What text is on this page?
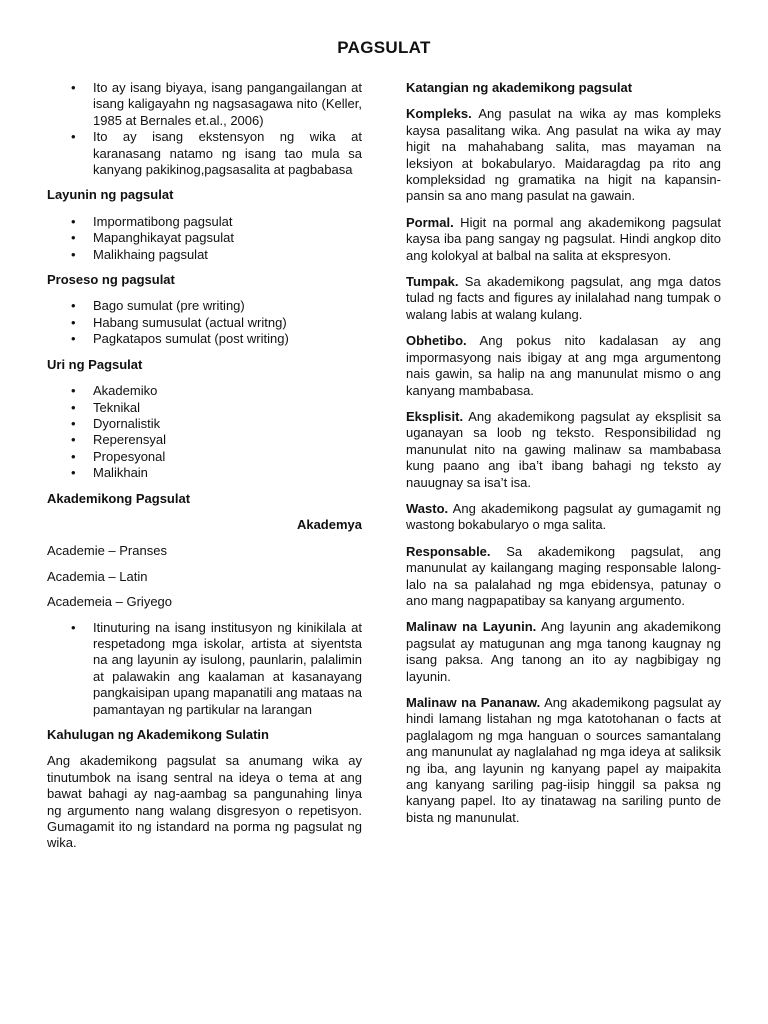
PAGSULAT
• Ito ay isang biyaya, isang pangangailangan at isang kaligayahn ng nagsasagawa nito (Keller, 1985 at Bernales et.al., 2006)
• Ito ay isang ekstensyon ng wika at karanasang natamo ng isang tao mula sa kanyang pakikinog,pagsasalita at pagbabasa
Layunin ng pagsulat
• Impormatibong pagsulat
• Mapanghikayat pagsulat
• Malikhaing pagsulat
Proseso ng pagsulat
• Bago sumulat (pre writing)
• Habang sumusulat (actual writng)
• Pagkatapos sumulat (post writing)
Uri ng Pagsulat
• Akademiko
• Teknikal
• Dyornalistik
• Reperensyal
• Propesyonal
• Malikhain
Akademikong Pagsulat
Akademya
Academie – Pranses
Academia – Latin
Academeia – Griyego
• Itinuturing na isang institusyon ng kinikilala at respetadong mga iskolar, artista at siyentsta na ang layunin ay isulong, paunlarin, palalimin at palawakin ang kaalaman at kasanayang pangkaisipan upang mapanatili ang mataas na pamantayan ng partikular na larangan
Kahulugan ng Akademikong Sulatin

Ang akademikong pagsulat sa anumang wika ay tinutumbok na isang sentral na ideya o tema at ang bawat bahagi ay nag-aambag sa pangunahing linya ng argumento nang walang disgresyon o repetisyon. Gumagamit ito ng istandard na porma ng pagsulat ng wika.

Katangian ng akademikong pagsulat

Kompleks. Ang pasulat na wika ay mas kompleks kaysa pasalitang wika. Ang pasulat na wika ay may higit na mahahabang salita, mas mayaman na leksiyon at bokabularyo. Maidaragdag pa rito ang kompleksidad ng gramatika na higit na kapansin-pansin sa ano mang pasulat na gawain.

Pormal. Higit na pormal ang akademikong pagsulat kaysa iba pang sangay ng pagsulat. Hindi angkop dito ang kolokyal at balbal na salita at ekspresyon.

Tumpak. Sa akademikong pagsulat, ang mga datos tulad ng facts and figures ay inilalahad nang tumpak o walang labis at walang kulang.

Obhetibo. Ang pokus nito kadalasan ay ang impormasyong nais ibigay at ang mga argumentong nais gawin, sa halip na ang manunulat mismo o ang kanyang mambabasa.

Eksplisit. Ang akademikong pagsulat ay eksplisit sa uganayan sa loob ng teksto. Responsibilidad ng manunulat nito na gawing malinaw sa mambabasa kung paano ang iba’t ibang bahagi ng teksto ay nauugnay sa isa’t isa.

Wasto. Ang akademikong pagsulat ay gumagamit ng wastong bokabularyo o mga salita.

Responsable. Sa akademikong pagsulat, ang manunulat ay kailangang maging responsable lalong-lalo na sa palalahad ng mga ebidensya, patunay o ano mang nagpapatibay sa kanyang argumento.

Malinaw na Layunin. Ang layunin ang akademikong pagsulat ay matugunan ang mga tanong kaugnay ng isang paksa. Ang tanong an ito ay nagbibigay ng layunin.

Malinaw na Pananaw. Ang akademikong pagsulat ay hindi lamang listahan ng mga katotohanan o facts at paglalagom ng mga hanguan o sources samantalang ang manunulat ay naglalahad ng mga ideya at saliksik ng iba, ang layunin ng kanyang papel ay maipakita ang kanyang sariling pag-iisip hinggil sa paksa ng kanyang papel. Ito ay tinatawag na sariling punto de bista ng manunulat.
